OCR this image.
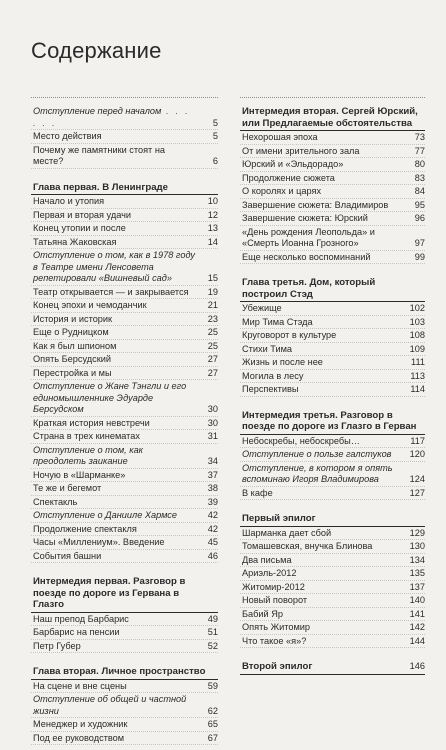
Содержание
Отступление перед началом . . . . . .	5
Место действия	5
Почему же памятники стоят на месте?	6
Глава первая. В Ленинграде
Начало и утопия	10
Первая и вторая удачи	12
Конец утопии и после	13
Татьяна Жаковская	14
Отступление о том, как в 1978 году в Театре имени Ленсовета репетировали «Вишневый сад»	15
Театр открывается — и закрывается	19
Конец эпохи и чемоданчик	21
История и историк	23
Еще о Рудницком	25
Как я был шпионом	25
Опять Берсудский	27
Перестройка и мы	27
Отступление о Жане Тэнгли и его единомышленнике Эдуарде Берсудском	30
Краткая история невстречи	30
Страна в трех кинематах	31
Отступление о том, как преодолеть заикание	34
Ночую в «Шарманке»	37
Те же и бегемот	38
Спектакль	39
Отступление о Данииле Хармсе	42
Продолжение спектакля	42
Часы «Миллениум». Введение	45
События башни	46
Интермедия первая. Разговор в поезде по дороге из Гервана в Глазго
Наш препод Барбарис	49
Барбарис на пенсии	51
Петр Губер	52
Глава вторая. Личное пространство
На сцене и вне сцены	59
Отступление об общей и частной жизни	62
Менеджер и художник	65
Под ее руководством	67
Интермедия вторая. Сергей Юрский, или Предлагаемые обстоятельства
Нехорошая эпоха	73
От имени зрительного зала	77
Юрский и «Эльдорадо»	80
Продолжение сюжета	83
О королях и царях	84
Завершение сюжета: Владимиров	95
Завершение сюжета: Юрский	96
«День рождения Леопольда» и «Смерть Иоанна Грозного»	97
Еще несколько воспоминаний	99
Глава третья. Дом, который построил Стэд
Убежище	102
Мир Тима Стэда	103
Круговорот в культуре	108
Стихи Тима	109
Жизнь и после нее	111
Могила в лесу	113
Перспективы	114
Интермедия третья. Разговор в поезде по дороге из Глазго в Герван
Небоскребы, небоскребы…	117
Отступление о пользе галстуков	120
Отступление, в котором я опять вспоминаю Игоря Владимирова	124
В кафе	127
Первый эпилог
Шарманка дает сбой	129
Томашевская, внучка Блинова	130
Два письма	134
Ариэль-2012	135
Житомир-2012	137
Новый поворот	140
Бабий Яр	141
Опять Житомир	142
Что такое «я»?	144
Второй эпилог	146
